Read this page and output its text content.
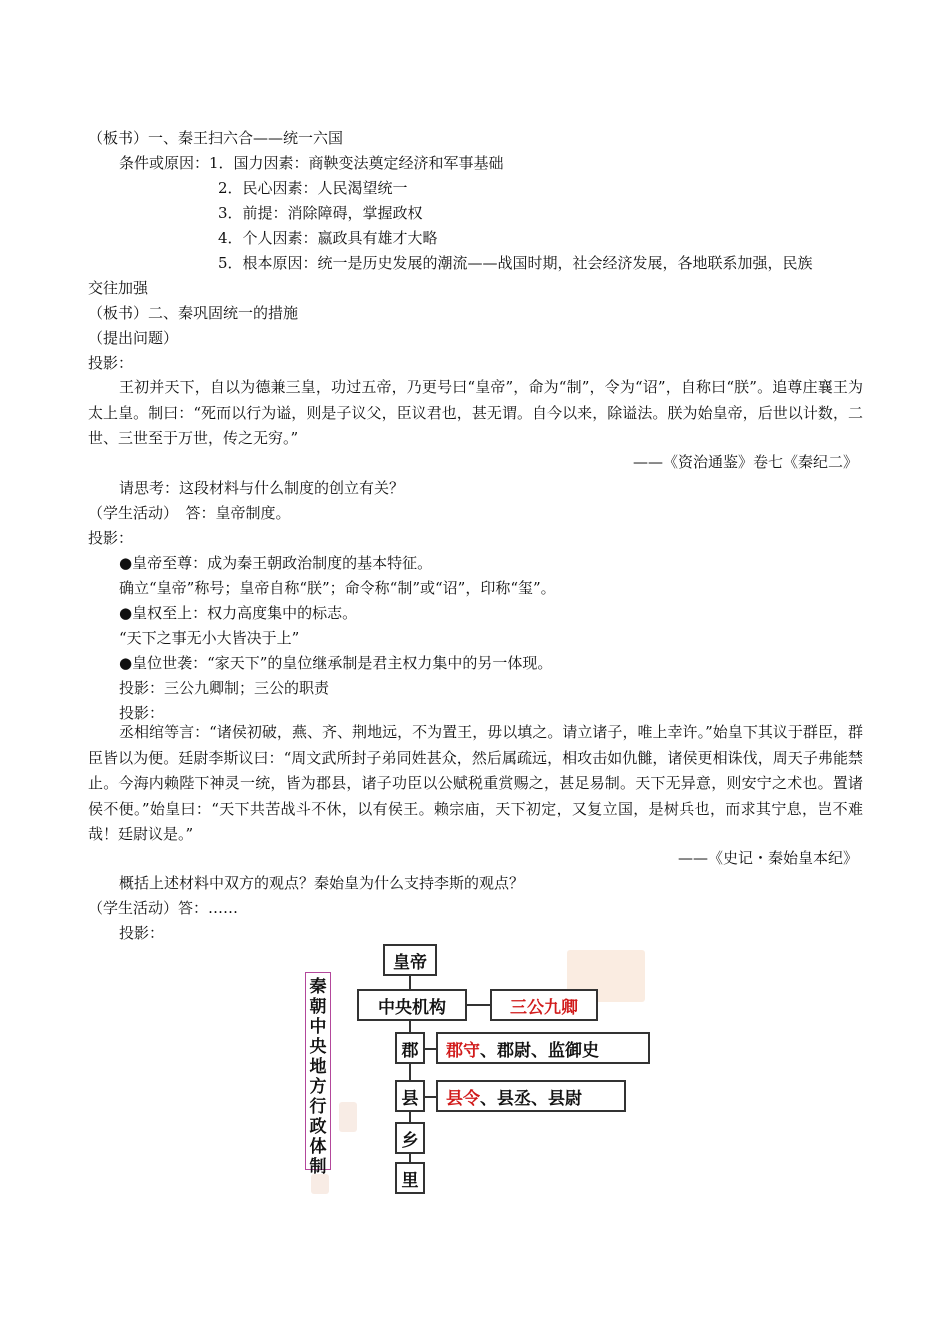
（板书）一、秦王扫六合——统一六国
条件或原因：1．国力因素：商鞅变法奠定经济和军事基础
2．民心因素：人民渴望统一
3．前提：消除障碍，掌握政权
4．个人因素：嬴政具有雄才大略
5．根本原因：统一是历史发展的潮流——战国时期，社会经济发展，各地联系加强，民族
交往加强
（板书）二、秦巩固统一的措施
（提出问题）
投影：
王初并天下，自以为德兼三皇，功过五帝，乃更号曰“皇帝”，命为“制”，令为“诏”，自称曰“朕”。追尊庄襄王为太上皇。制曰：“死而以行为谥，则是子议父，臣议君也，甚无谓。自今以来，除谥法。朕为始皇帝，后世以计数，二世、三世至于万世，传之无穷。”
——《资治通鉴》卷七《秦纪二》
请思考：这段材料与什么制度的创立有关？
（学生活动）　答：皇帝制度。
投影：
●皇帝至尊：成为秦王朝政治制度的基本特征。
确立“皇帝”称号；皇帝自称“朕”；命令称“制”或“诏”，印称“玺”。
●皇权至上：权力高度集中的标志。
“天下之事无小大皆决于上”
●皇位世袭：“家天下”的皇位继承制是君主权力集中的另一体现。
投影：三公九卿制；三公的职责
投影：
丞相绾等言：“诸侯初破，燕、齐、荆地远，不为置王，毋以填之。请立诸子，唯上幸许。”始皇下其议于群臣，群臣皆以为便。廷尉李斯议曰：“周文武所封子弟同姓甚众，然后属疏远，相攻击如仇雠，诸侯更相诛伐，周天子弗能禁止。今海内赖陛下神灵一统，皆为郡县，诸子功臣以公赋税重赏赐之，甚足易制。天下无异意，则安宁之术也。置诸侯不便。”始皇曰：“天下共苦战斗不休，以有侯王。赖宗庙，天下初定，又复立国，是树兵也，而求其宁息，岂不难哉！廷尉议是。”
——《史记・秦始皇本纪》
概括上述材料中双方的观点？秦始皇为什么支持李斯的观点？
（学生活动）答：……
投影：
秦朝中央地方行政体制
皇帝
中央机构	三公九卿
郡	郡守 、郡尉、监御史
县	县令 、县丞、县尉
乡
里
